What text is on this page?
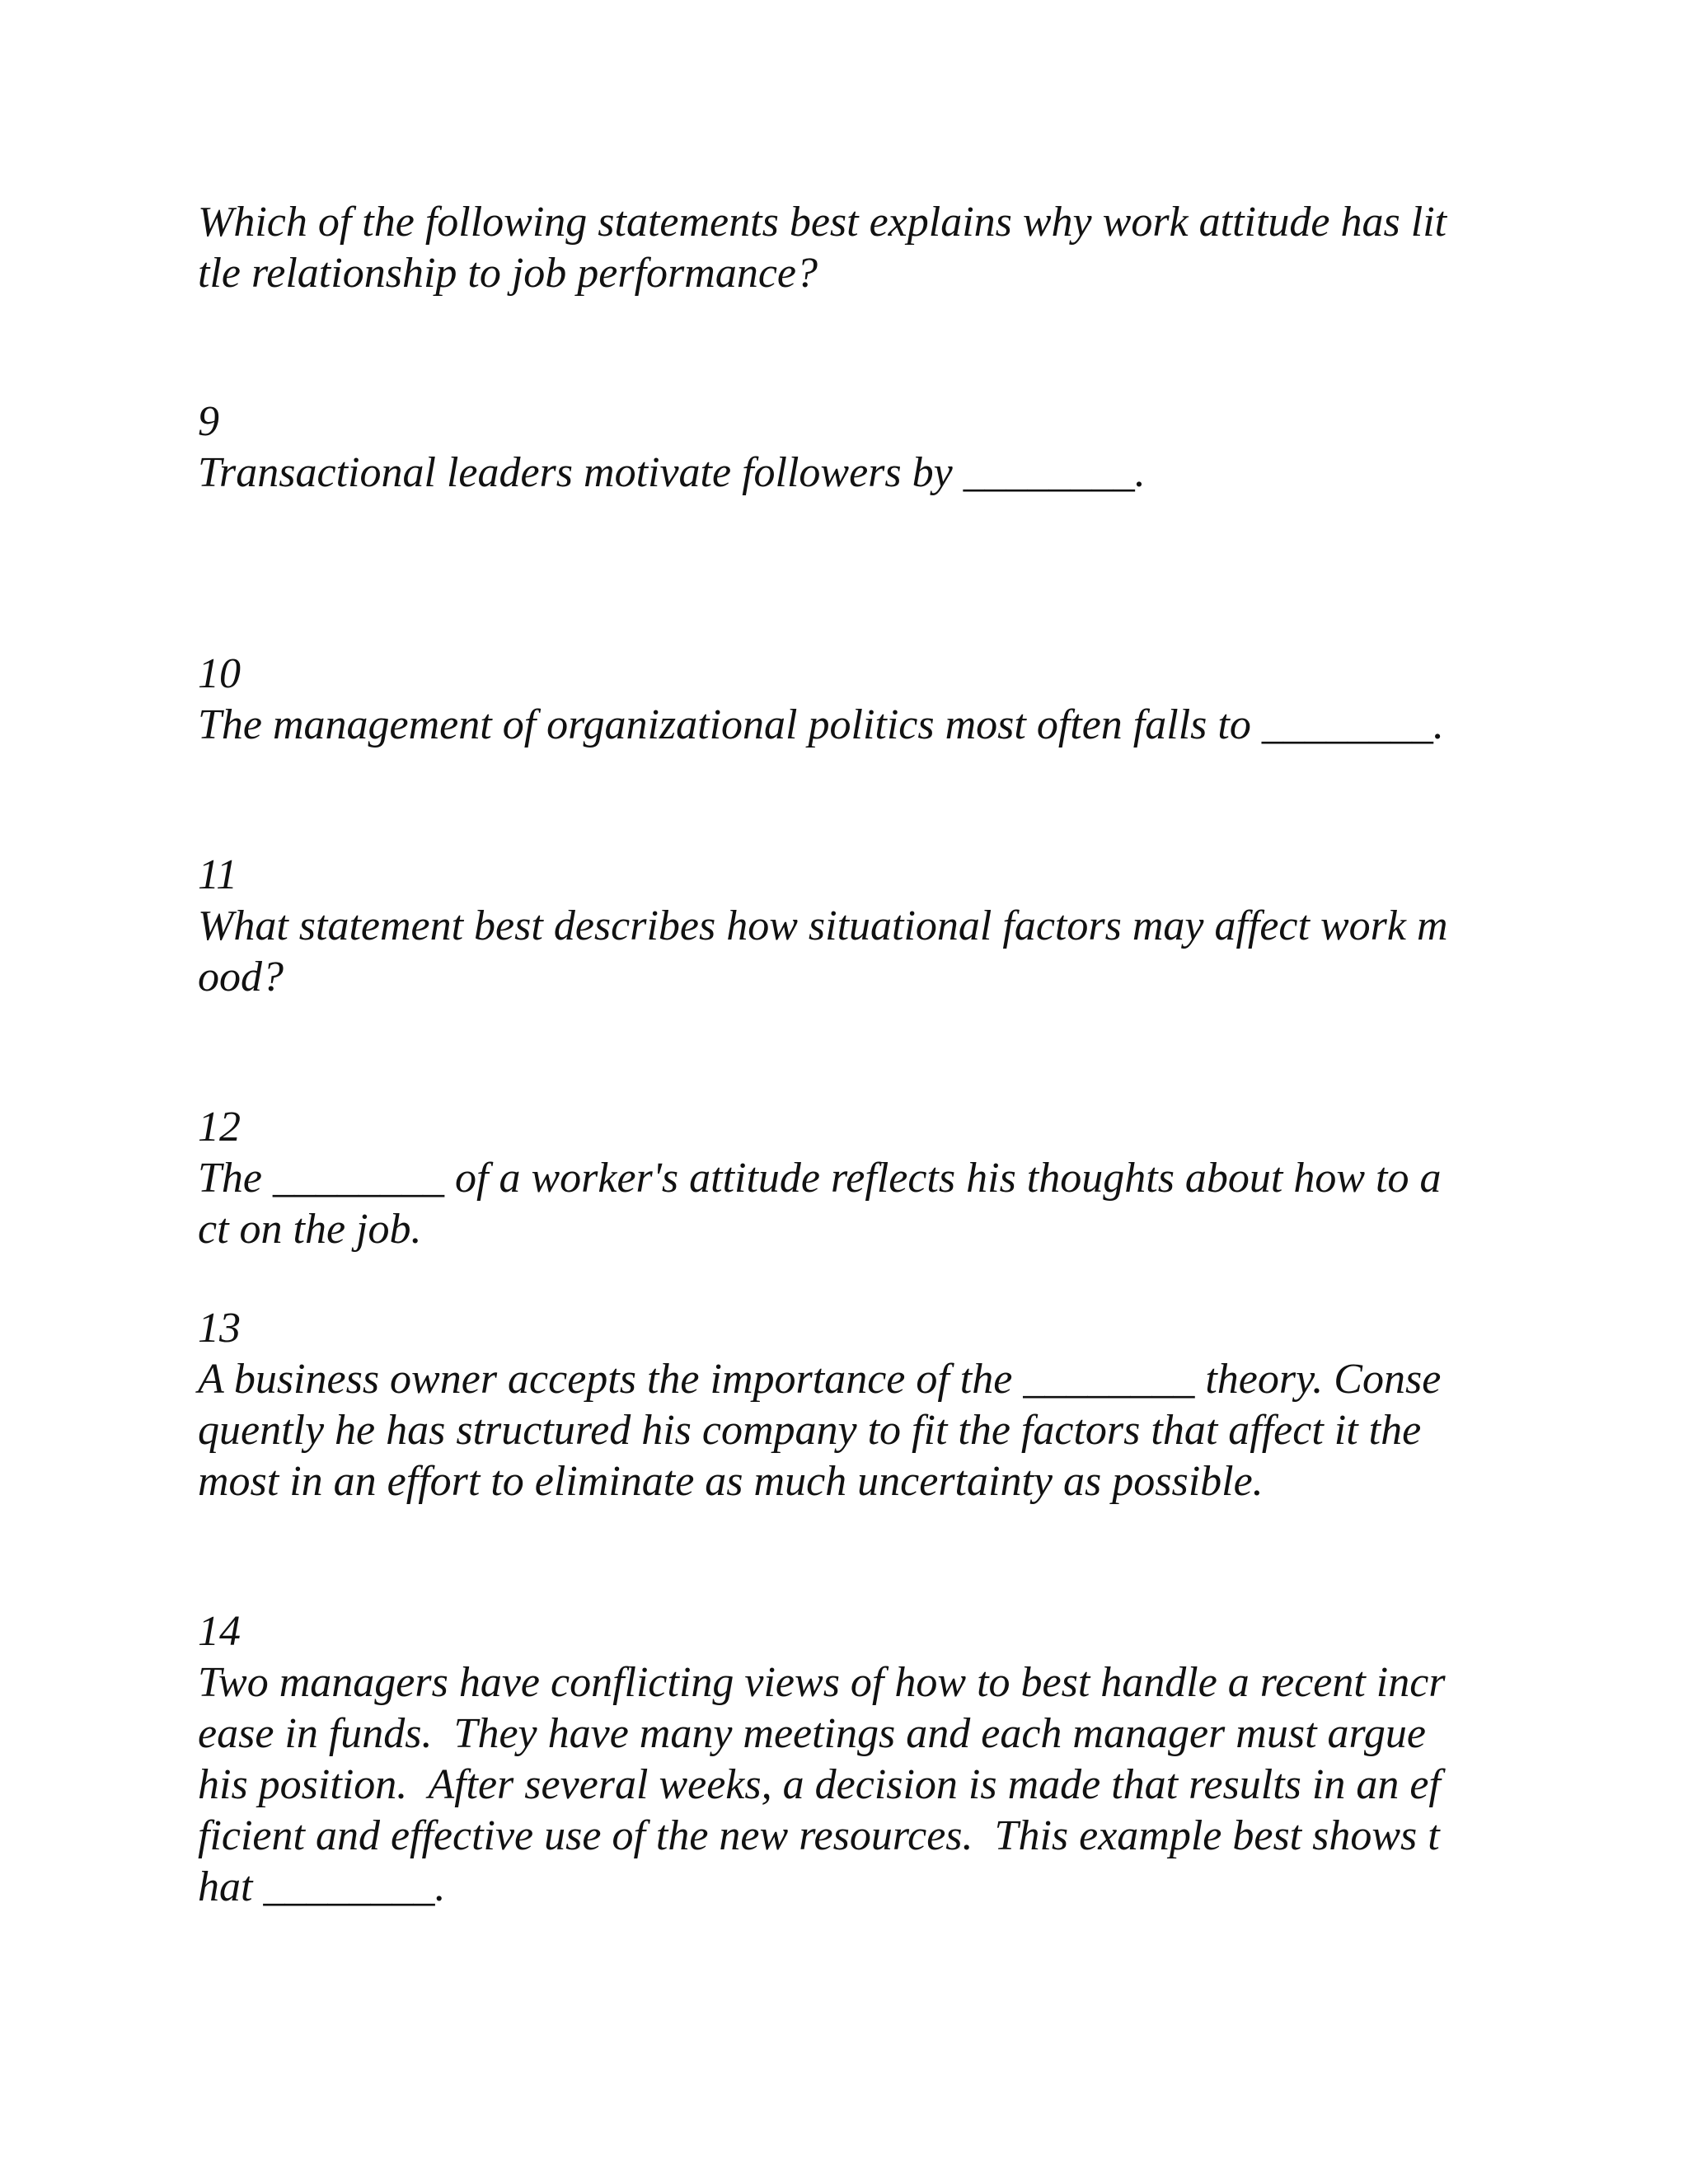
Which of the following statements best explains why work attitude has lit
tle relationship to job performance?
9
Transactional leaders motivate followers by ________.
10
The management of organizational politics most often falls to ________.
11
What statement best describes how situational factors may affect work m
ood?
12
The ________ of a worker's attitude reflects his thoughts about how to a
ct on the job.
13
A business owner accepts the importance of the ________ theory. Conse
quently he has structured his company to fit the factors that affect it the
most in an effort to eliminate as much uncertainty as possible.
14
Two managers have conflicting views of how to best handle a recent incr
ease in funds.  They have many meetings and each manager must argue
his position.  After several weeks, a decision is made that results in an ef
ficient and effective use of the new resources.  This example best shows t
hat ________.
